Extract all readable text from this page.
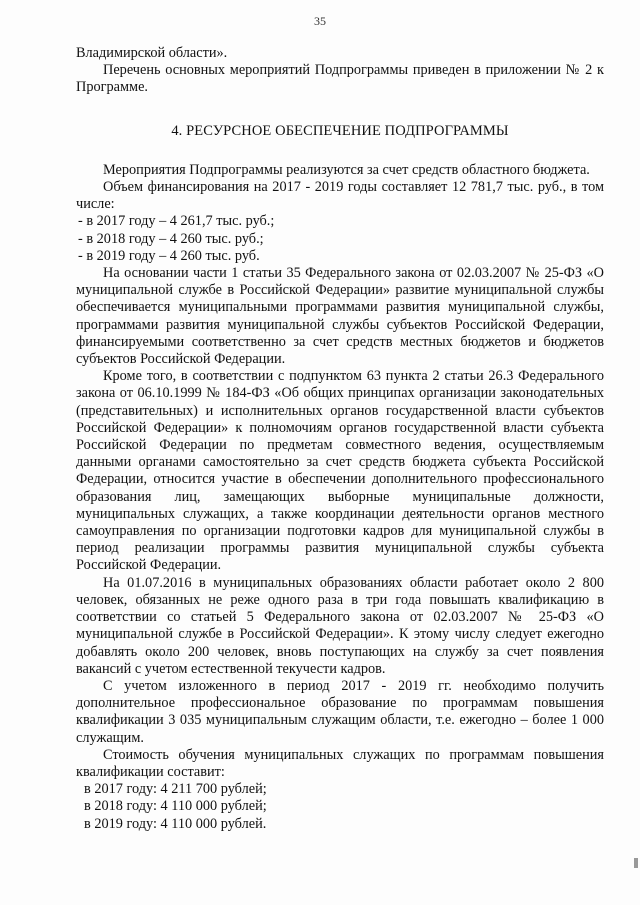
35

Владимирской области».

Перечень основных мероприятий Подпрограммы приведен в приложении № 2 к Программе.

4. РЕСУРСНОЕ ОБЕСПЕЧЕНИЕ ПОДПРОГРАММЫ

Мероприятия Подпрограммы реализуются за счет средств областного бюджета.

Объем финансирования на 2017 - 2019 годы составляет 12 781,7 тыс. руб., в том числе:

- в 2017 году – 4 261,7 тыс. руб.;

- в 2018 году – 4 260 тыс. руб.;

- в 2019 году – 4 260 тыс. руб.

На основании части 1 статьи 35 Федерального закона от 02.03.2007 № 25-ФЗ «О муниципальной службе в Российской Федерации» развитие муниципальной службы обеспечивается муниципальными программами развития муниципальной службы, программами развития муниципальной службы субъектов Российской Федерации, финансируемыми соответственно за счет средств местных бюджетов и бюджетов субъектов Российской Федерации.

Кроме того, в соответствии с подпунктом 63 пункта 2 статьи 26.3 Федерального закона от 06.10.1999 № 184-ФЗ «Об общих принципах организации законодательных (представительных) и исполнительных органов государственной власти субъектов Российской Федерации» к полномочиям органов государственной власти субъекта Российской Федерации по предметам совместного ведения, осуществляемым данными органами самостоятельно за счет средств бюджета субъекта Российской Федерации, относится участие в обеспечении дополнительного профессионального образования лиц, замещающих выборные муниципальные должности, муниципальных служащих, а также координации деятельности органов местного самоуправления по организации подготовки кадров для муниципальной службы в период реализации программы развития муниципальной службы субъекта Российской Федерации.

На 01.07.2016 в муниципальных образованиях области работает около 2 800 человек, обязанных не реже одного раза в три года повышать квалификацию в соответствии со статьей 5 Федерального закона от 02.03.2007 № 25-ФЗ «О муниципальной службе в Российской Федерации». К этому числу следует ежегодно добавлять около 200 человек, вновь поступающих на службу за счет появления вакансий с учетом естественной текучести кадров.

С учетом изложенного в период 2017 - 2019 гг. необходимо получить дополнительное профессиональное образование по программам повышения квалификации 3 035 муниципальным служащим области, т.е. ежегодно – более 1 000 служащим.

Стоимость обучения муниципальных служащих по программам повышения квалификации составит:

в 2017 году: 4 211 700 рублей;

в 2018 году: 4 110 000 рублей;

в 2019 году: 4 110 000 рублей.
